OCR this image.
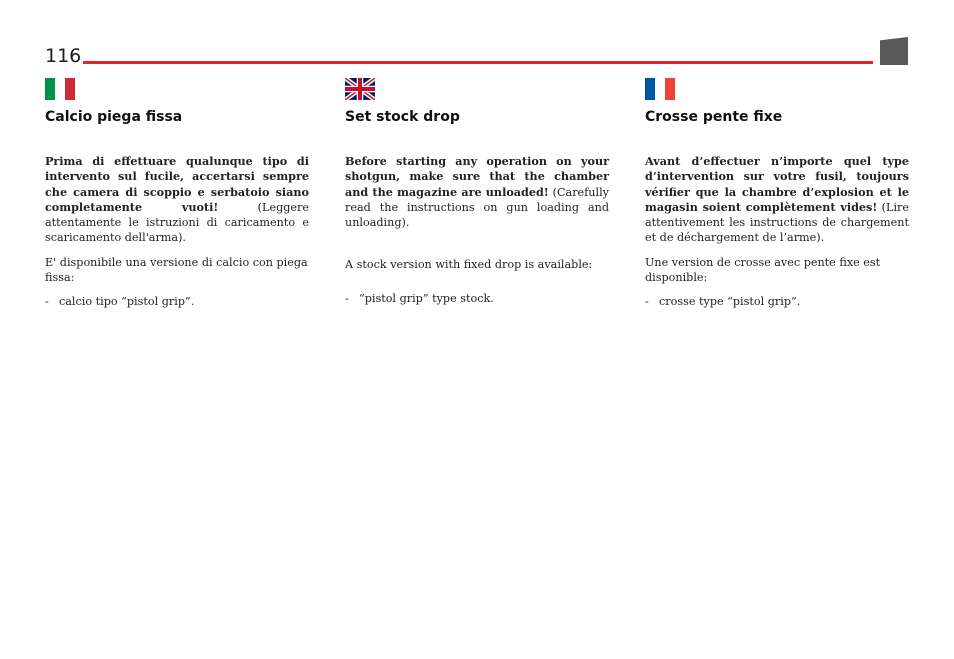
116
Calcio piega fissa

Prima di effettuare qualunque tipo di intervento sul fucile, accertarsi sempre che camera di scoppio e serbatoio siano completamente vuoti! (Leggere attentamente le istruzioni di caricamento e scaricamento dell'arma).

E' disponibile una versione di calcio con piega fissa:

- calcio tipo “pistol grip”.

Set stock drop

Before starting any operation on your shotgun, make sure that the chamber and the magazine are unloaded! (Carefully read the instructions on gun loading and unloading).

A stock version with fixed drop is available:

- “pistol grip” type stock.

Crosse pente fixe

Avant d’effectuer n’importe quel type d’intervention sur votre fusil, toujours vérifier que la chambre d’explosion et le magasin soient complètement vides! (Lire attentivement les instructions de chargement et de déchargement de l’arme).

Une version de crosse avec pente fixe est disponible:

- crosse type “pistol grip”.
